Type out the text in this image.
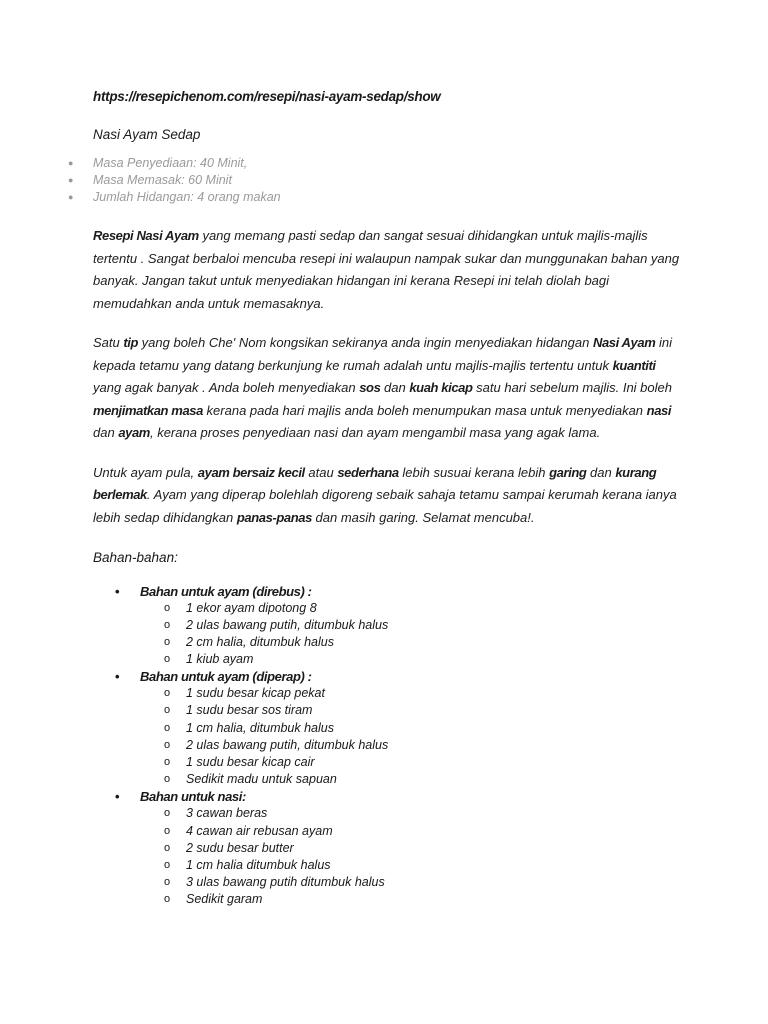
https://resepichenom.com/resepi/nasi-ayam-sedap/show

Nasi Ayam Sedap

● Masa Penyediaan: 40 Minit,
● Masa Memasak: 60 Minit
● Jumlah Hidangan: 4 orang makan

Resepi Nasi Ayam yang memang pasti sedap dan sangat sesuai dihidangkan untuk majlis-majlis tertentu . Sangat berbaloi mencuba resepi ini walaupun nampak sukar dan munggunakan bahan yang banyak. Jangan takut untuk menyediakan hidangan ini kerana Resepi ini telah diolah bagi memudahkan anda untuk memasaknya.

Satu tip yang boleh Che' Nom kongsikan sekiranya anda ingin menyediakan hidangan Nasi Ayam ini kepada tetamu yang datang berkunjung ke rumah adalah untu majlis-majlis tertentu untuk kuantiti yang agak banyak . Anda boleh menyediakan sos dan kuah kicap satu hari sebelum majlis. Ini boleh menjimatkan masa kerana pada hari majlis anda boleh menumpukan masa untuk menyediakan nasi dan ayam, kerana proses penyediaan nasi dan ayam mengambil masa yang agak lama.

Untuk ayam pula, ayam bersaiz kecil atau sederhana lebih susuai kerana lebih garing dan kurang berlemak. Ayam yang diperap bolehlah digoreng sebaik sahaja tetamu sampai kerumah kerana ianya lebih sedap dihidangkan panas-panas dan masih garing. Selamat mencuba!.

Bahan-bahan:

• Bahan untuk ayam (direbus) :
o 1 ekor ayam dipotong 8
o 2 ulas bawang putih, ditumbuk halus
o 2 cm halia, ditumbuk halus
o 1 kiub ayam
• Bahan untuk ayam (diperap) :
o 1 sudu besar kicap pekat
o 1 sudu besar sos tiram
o 1 cm halia, ditumbuk halus
o 2 ulas bawang putih, ditumbuk halus
o 1 sudu besar kicap cair
o Sedikit madu untuk sapuan
• Bahan untuk nasi:
o 3 cawan beras
o 4 cawan air rebusan ayam
o 2 sudu besar butter
o 1 cm halia ditumbuk halus
o 3 ulas bawang putih ditumbuk halus
o Sedikit garam
